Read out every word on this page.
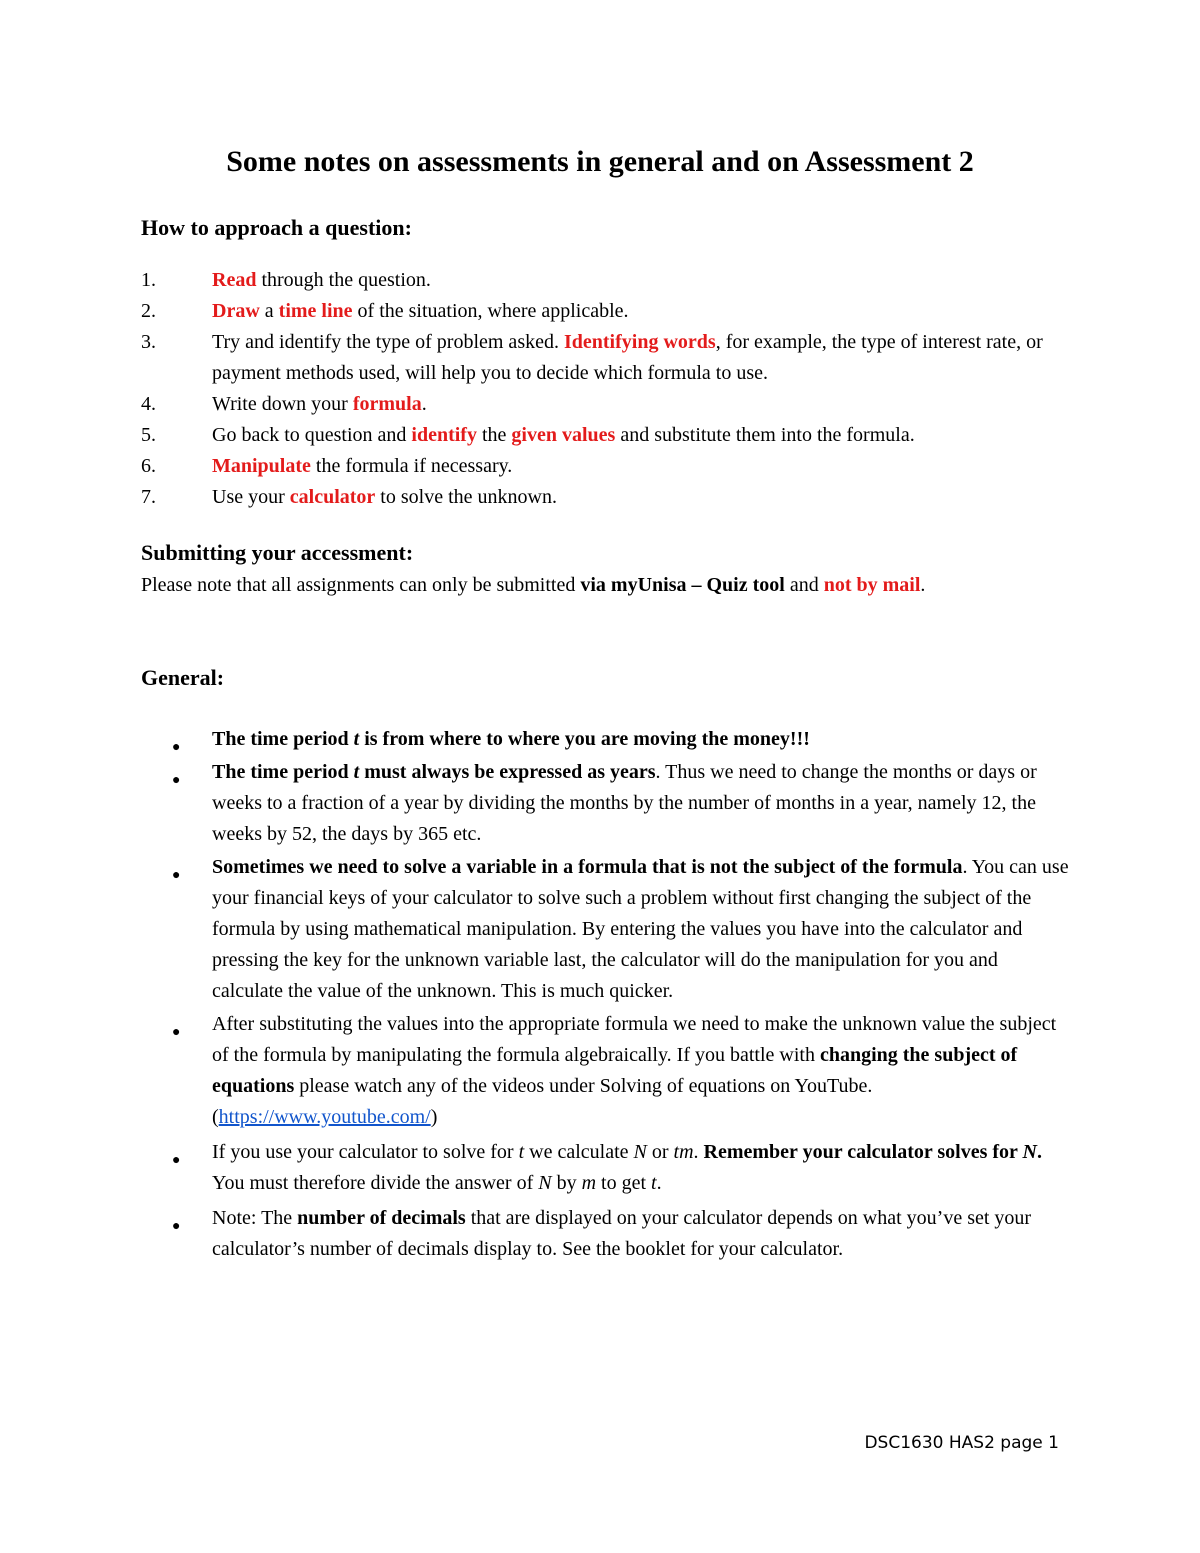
Some notes on assessments in general and on Assessment 2
How to approach a question:
1.	Read through the question.
2.	Draw a time line of the situation, where applicable.
3.	Try and identify the type of problem asked. Identifying words, for example, the type of interest rate, or payment methods used, will help you to decide which formula to use.
4.	Write down your formula.
5.	Go back to question and identify the given values and substitute them into the formula.
6.	Manipulate the formula if necessary.
7.	Use your calculator to solve the unknown.
Submitting your accessment:

Please note that all assignments can only be submitted via myUnisa – Quiz tool and not by mail.

General:
● The time period t is from where to where you are moving the money!!!
● The time period t must always be expressed as years. Thus we need to change the months or days or weeks to a fraction of a year by dividing the months by the number of months in a year, namely 12, the weeks by 52, the days by 365 etc.
● Sometimes we need to solve a variable in a formula that is not the subject of the formula. You can use your financial keys of your calculator to solve such a problem without first changing the subject of the formula by using mathematical manipulation. By entering the values you have into the calculator and pressing the key for the unknown variable last, the calculator will do the manipulation for you and calculate the value of the unknown. This is much quicker.
● After substituting the values into the appropriate formula we need to make the unknown value the subject of the formula by manipulating the formula algebraically. If you battle with changing the subject of equations please watch any of the videos under Solving of equations on YouTube. (https://www.youtube.com/)
● If you use your calculator to solve for t we calculate N or tm. Remember your calculator solves for N. You must therefore divide the answer of N by m to get t.
● Note: The number of decimals that are displayed on your calculator depends on what you’ve set your calculator’s number of decimals display to. See the booklet for your calculator.

DSC1630 HAS2 page 1
